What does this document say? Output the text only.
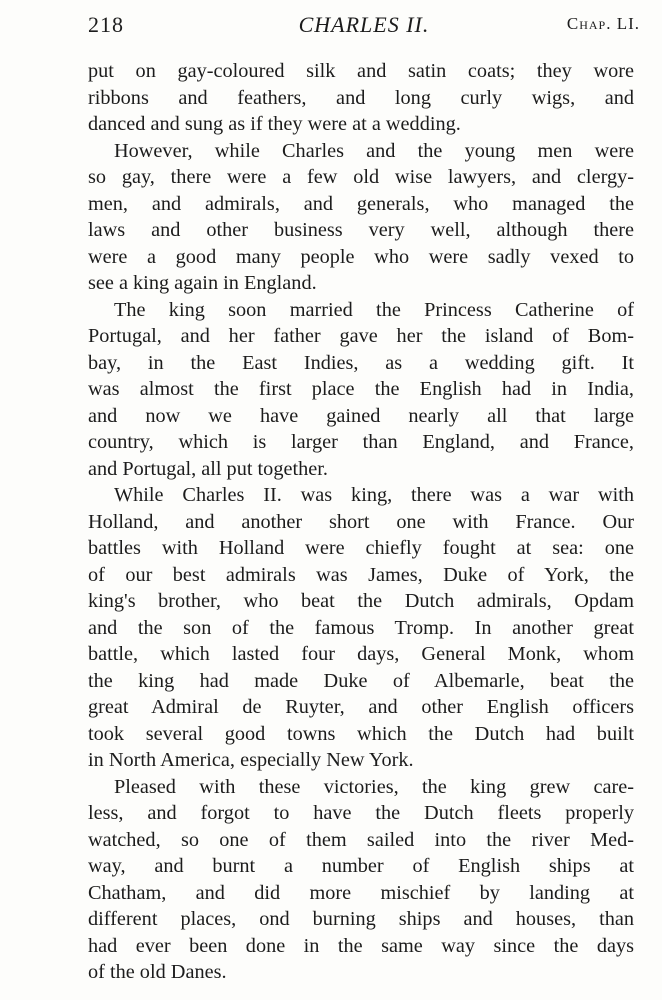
218	CHARLES II.	Chap. LI.
put on gay-coloured silk and satin coats; they wore
ribbons and feathers, and long curly wigs, and
danced and sung as if they were at a wedding.
However, while Charles and the young men were
so gay, there were a few old wise lawyers, and clergy-
men, and admirals, and generals, who managed the
laws and other business very well, although there
were a good many people who were sadly vexed to
see a king again in England.
The king soon married the Princess Catherine of
Portugal, and her father gave her the island of Bom-
bay, in the East Indies, as a wedding gift. It
was almost the first place the English had in India,
and now we have gained nearly all that large
country, which is larger than England, and France,
and Portugal, all put together.
While Charles II. was king, there was a war with
Holland, and another short one with France. Our
battles with Holland were chiefly fought at sea: one
of our best admirals was James, Duke of York, the
king's brother, who beat the Dutch admirals, Opdam
and the son of the famous Tromp. In another great
battle, which lasted four days, General Monk, whom
the king had made Duke of Albemarle, beat the
great Admiral de Ruyter, and other English officers
took several good towns which the Dutch had built
in North America, especially New York.
Pleased with these victories, the king grew care-
less, and forgot to have the Dutch fleets properly
watched, so one of them sailed into the river Med-
way, and burnt a number of English ships at
Chatham, and did more mischief by landing at
different places, ond burning ships and houses, than
had ever been done in the same way since the days
of the old Danes.
